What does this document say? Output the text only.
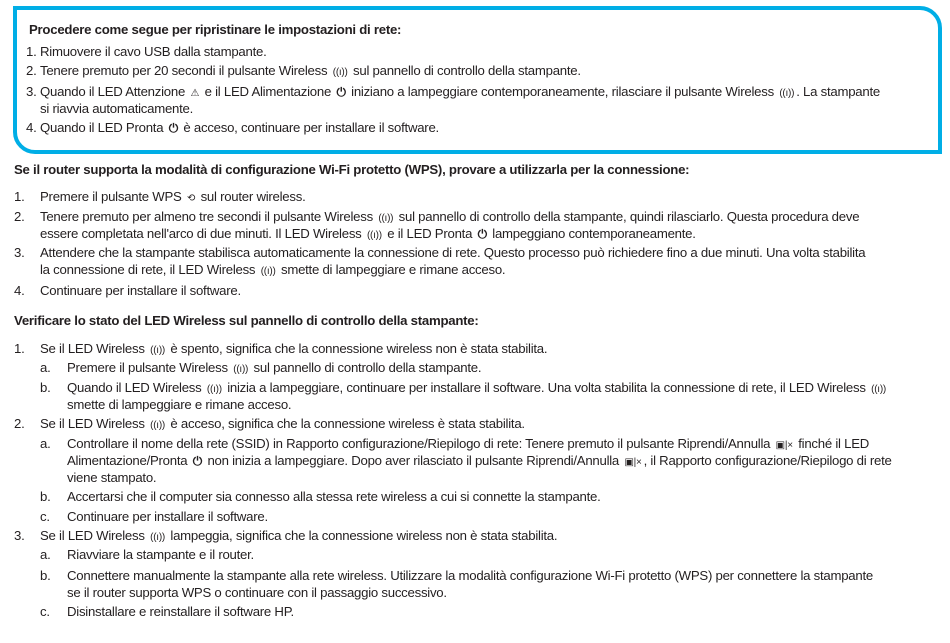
Procedere come segue per ripristinare le impostazioni di rete:
1. Rimuovere il cavo USB dalla stampante.
2. Tenere premuto per 20 secondi il pulsante Wireless ((ı)) sul pannello di controllo della stampante.
3. Quando il LED Attenzione ⚠ e il LED Alimentazione ⏻ iniziano a lampeggiare contemporaneamente, rilasciare il pulsante Wireless ((ı)) . La stampante
si riavvia automaticamente.
4. Quando il LED Pronta ⏻ è acceso, continuare per installare il software.
Se il router supporta la modalità di configurazione Wi-Fi protetto (WPS), provare a utilizzarla per la connessione:
1.	Premere il pulsante WPS ⟲ sul router wireless.
2.	Tenere premuto per almeno tre secondi il pulsante Wireless ((ı)) sul pannello di controllo della stampante, quindi rilasciarlo. Questa procedura deve
essere completata nell'arco di due minuti. Il LED Wireless ((ı)) e il LED Pronta ⏻ lampeggiano contemporaneamente.
3.	Attendere che la stampante stabilisca automaticamente la connessione di rete. Questo processo può richiedere fino a due minuti. Una volta stabilita
la connessione di rete, il LED Wireless ((ı)) smette di lampeggiare e rimane acceso.
4.	Continuare per installare il software.
Verificare lo stato del LED Wireless sul pannello di controllo della stampante:
1.	Se il LED Wireless ((ı)) è spento, significa che la connessione wireless non è stata stabilita.
a.	Premere il pulsante Wireless ((ı)) sul pannello di controllo della stampante.
b.	Quando il LED Wireless ((ı)) inizia a lampeggiare, continuare per installare il software. Una volta stabilita la connessione di rete, il LED Wireless ((ı))
smette di lampeggiare e rimane acceso.
2.	Se il LED Wireless ((ı)) è acceso, significa che la connessione wireless è stata stabilita.
a.	Controllare il nome della rete (SSID) in Rapporto configurazione/Riepilogo di rete: Tenere premuto il pulsante Riprendi/Annulla ▣|× finché il LED
Alimentazione/Pronta ⏻ non inizia a lampeggiare. Dopo aver rilasciato il pulsante Riprendi/Annulla ▣|× , il Rapporto configurazione/Riepilogo di rete
viene stampato.
b.	Accertarsi che il computer sia connesso alla stessa rete wireless a cui si connette la stampante.
c.	Continuare per installare il software.
3.	Se il LED Wireless ((ı)) lampeggia, significa che la connessione wireless non è stata stabilita.
a.	Riavviare la stampante e il router.
b.	Connettere manualmente la stampante alla rete wireless. Utilizzare la modalità configurazione Wi-Fi protetto (WPS) per connettere la stampante
se il router supporta WPS o continuare con il passaggio successivo.
c.	Disinstallare e reinstallare il software HP.
